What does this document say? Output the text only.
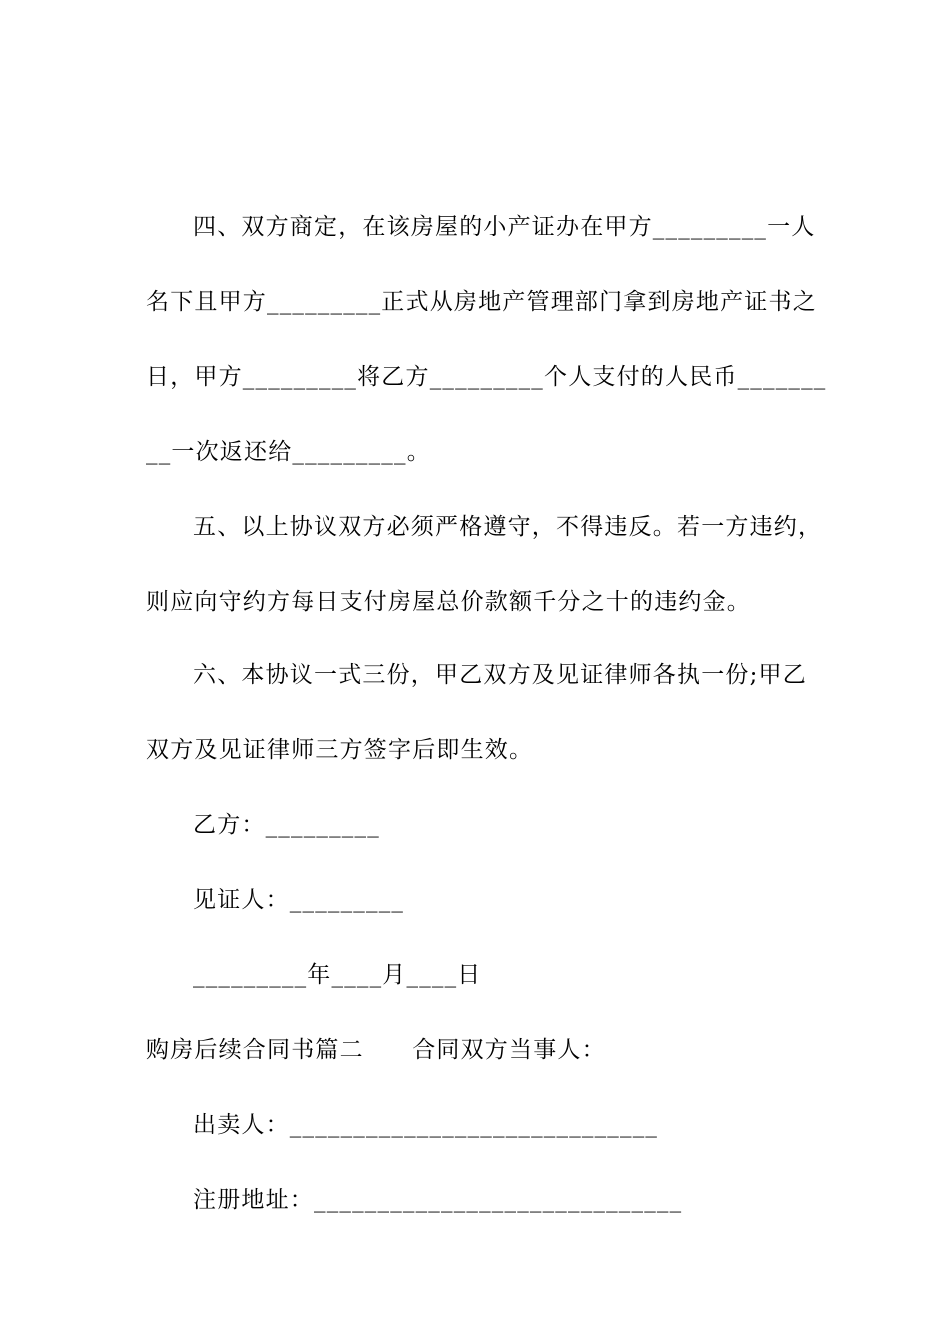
四、双方商定，在该房屋的小产证办在甲方_________一人
名下且甲方_________正式从房地产管理部门拿到房地产证书之
日，甲方_________将乙方_________个人支付的人民币_______
__一次返还给_________。
五、以上协议双方必须严格遵守，不得违反。若一方违约，
则应向守约方每日支付房屋总价款额千分之十的违约金。
六、本协议一式三份，甲乙双方及见证律师各执一份;甲乙
双方及见证律师三方签字后即生效。
乙方：_________
见证人：_________
_________年____月____日
购房后续合同书篇二　　合同双方当事人：
出卖人：_____________________________
注册地址：_____________________________
